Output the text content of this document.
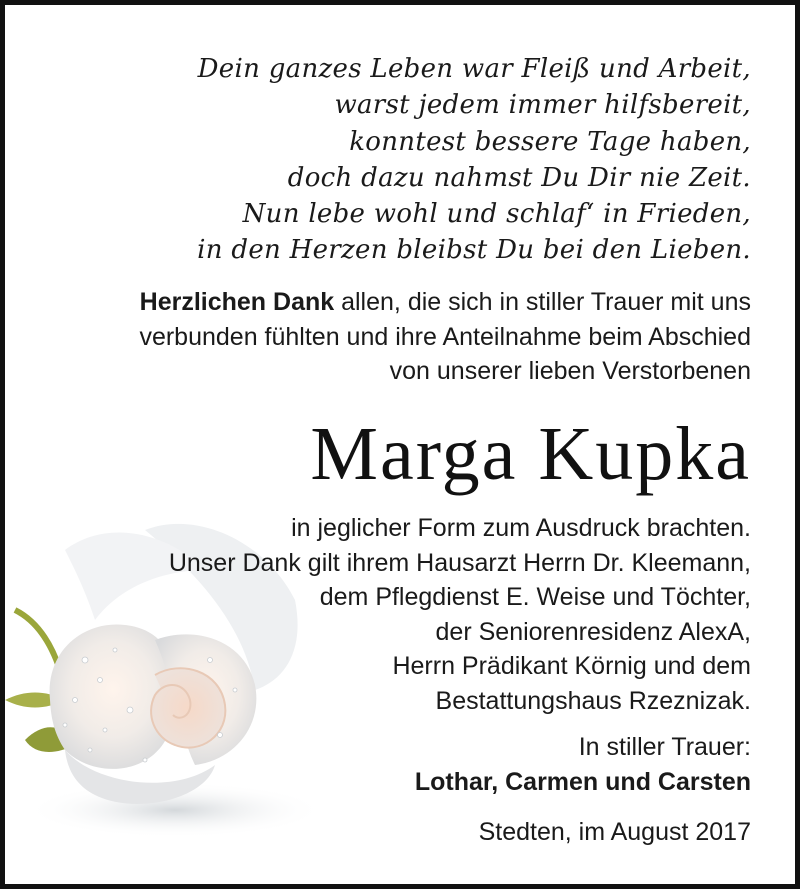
Dein ganzes Leben war Fleiß und Arbeit,
warst jedem immer hilfsbereit,
konntest bessere Tage haben,
doch dazu nahmst Du Dir nie Zeit.
Nun lebe wohl und schlaf‘ in Frieden,
in den Herzen bleibst Du bei den Lieben.
Herzlichen Dank allen, die sich in stiller Trauer mit uns
verbunden fühlten und ihre Anteilnahme beim Abschied
von unserer lieben Verstorbenen
Marga Kupka
in jeglicher Form zum Ausdruck brachten.
Unser Dank gilt ihrem Hausarzt Herrn Dr. Kleemann,
dem Pflegdienst E. Weise und Töchter,
der Seniorenresidenz AlexA,
Herrn Prädikant Körnig und dem
Bestattungshaus Rzeznizak.
In stiller Trauer:
Lothar, Carmen und Carsten
Stedten, im August 2017
